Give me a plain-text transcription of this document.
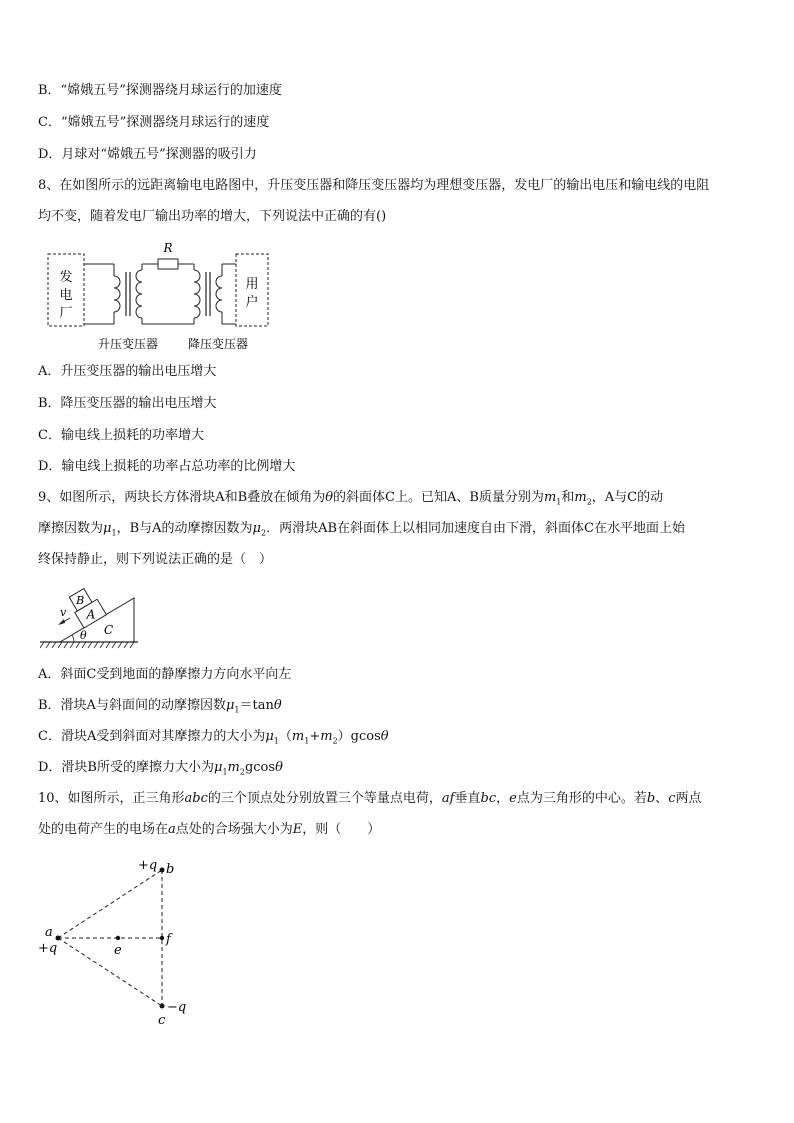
B．“嫦娥五号”探测器绕月球运行的加速度
C．“嫦娥五号”探测器绕月球运行的速度
D．月球对“嫦娥五号”探测器的吸引力
8、在如图所示的远距离输电电路图中，升压变压器和降压变压器均为理想变压器，发电厂的输出电压和输电线的电阻
均不变，随着发电厂输出功率的增大，下列说法中正确的有()
发
电
厂
R
用
户
升压变压器 降压变压器
A．升压变压器的输出电压增大
B．降压变压器的输出电压增大
C．输电线上损耗的功率增大
D．输电线上损耗的功率占总功率的比例增大
9、如图所示，两块长方体滑块A和B叠放在倾角为θ的斜面体C上。已知A、B质量分别为$m_1$和$m_2$，A与C的动
摩擦因数为$\mu_1$，B与A的动摩擦因数为$\mu_2$．两滑块AB在斜面体上以相同加速度自由下滑，斜面体C在水平地面上始
终保持静止，则下列说法正确的是（　）
θ C
A
B
v
A．斜面C受到地面的静摩擦力方向水平向左
B．滑块A与斜面间的动摩擦因数$\mu_1=\tan\theta$
C．滑块A受到斜面对其摩擦力的大小为$\mu_1(m_1+m_2)gcos\theta$
D．滑块B所受的摩擦力大小为$\mu_1m_2gcos\theta$
10、如图所示，正三角形abc的三个顶点处分别放置三个等量点电荷，af垂直bc，e点为三角形的中心。若b、c两点
处的电荷产生的电场在a点处的合场强大小为E，则（　　）
+q b
a
+q	e
f
−q
c
